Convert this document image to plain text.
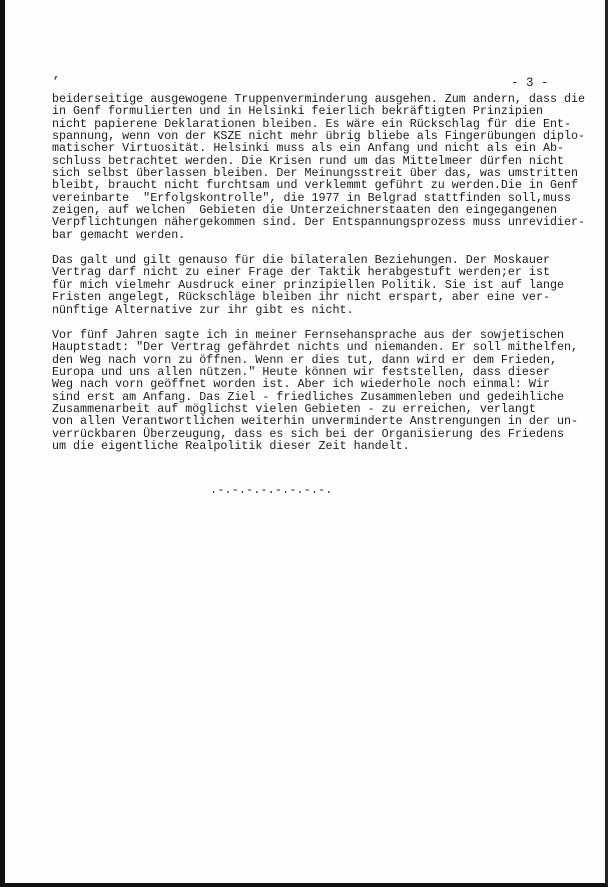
,
- 3 -
beiderseitige ausgewogene Truppenverminderung ausgehen. Zum andern, dass die
in Genf formulierten und in Helsinki feierlich bekräftigten Prinzipien
nicht papierene Deklarationen bleiben. Es wäre ein Rückschlag für die Ent-
spannung, wenn von der KSZE nicht mehr übrig bliebe als Fingerübungen diplo-
matischer Virtuosität. Helsinki muss als ein Anfang und nicht als ein Ab-
schluss betrachtet werden. Die Krisen rund um das Mittelmeer dürfen nicht
sich selbst überlassen bleiben. Der Meinungsstreit über das, was umstritten
bleibt, braucht nicht furchtsam und verklemmt geführt zu werden.Die in Genf
vereinbarte  "Erfolgskontrolle", die 1977 in Belgrad stattfinden soll,muss
zeigen, auf welchen  Gebieten die Unterzeichnerstaaten den eingegangenen
Verpflichtungen nähergekommen sind. Der Entspannungsprozess muss unrevidier-
bar gemacht werden.
Das galt und gilt genauso für die bilateralen Beziehungen. Der Moskauer
Vertrag darf nicht zu einer Frage der Taktik herabgestuft werden;er ist
für mich vielmehr Ausdruck einer prinzipiellen Politik. Sie ist auf lange
Fristen angelegt, Rückschläge bleiben ihr nicht erspart, aber eine ver-
nünftige Alternative zur ihr gibt es nicht.
Vor fünf Jahren sagte ich in meiner Fernsehansprache aus der sowjetischen
Hauptstadt: "Der Vertrag gefährdet nichts und niemanden. Er soll mithelfen,
den Weg nach vorn zu öffnen. Wenn er dies tut, dann wird er dem Frieden,
Europa und uns allen nützen." Heute können wir feststellen, dass dieser
Weg nach vorn geöffnet worden ist. Aber ich wiederhole noch einmal: Wir
sind erst am Anfang. Das Ziel - friedliches Zusammenleben und gedeihliche
Zusammenarbeit auf möglichst vielen Gebieten - zu erreichen, verlangt
von allen Verantwortlichen weiterhin unverminderte Anstrengungen in der un-
verrückbaren Überzeugung, dass es sich bei der Organisierung des Friedens
um die eigentliche Realpolitik dieser Zeit handelt.
.-.-.-.-.-.-.-.-.
